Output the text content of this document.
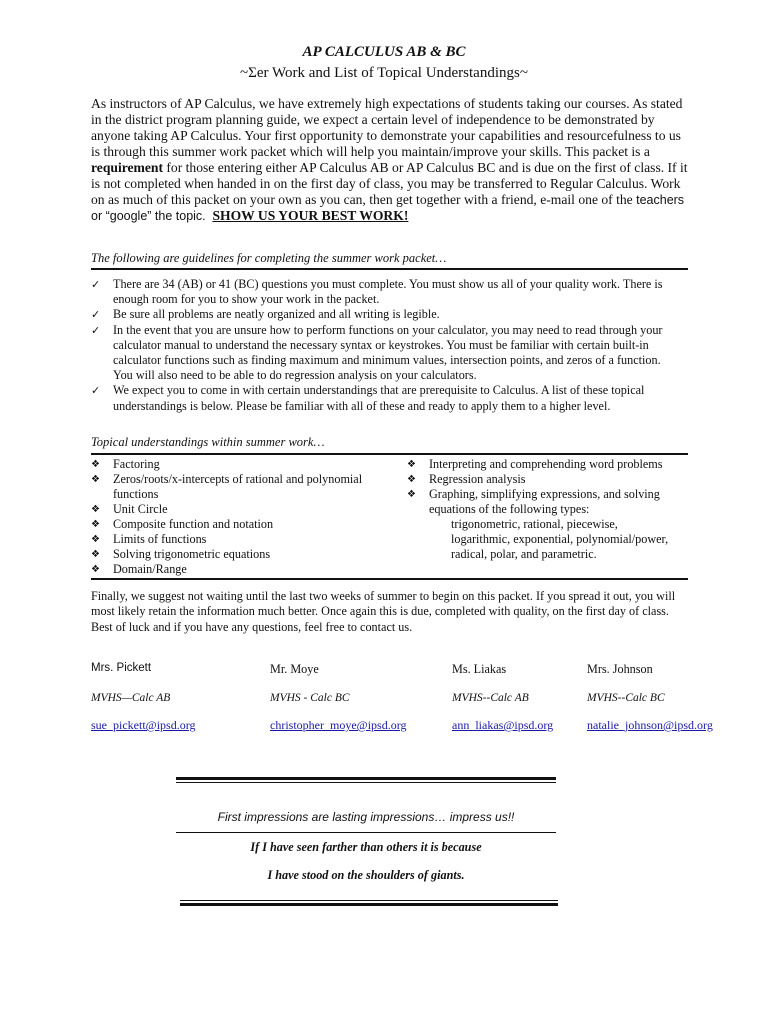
AP CALCULUS AB & BC
~Σer Work and List of Topical Understandings~

As instructors of AP Calculus, we have extremely high expectations of students taking our courses. As stated in the district program planning guide, we expect a certain level of independence to be demonstrated by anyone taking AP Calculus. Your first opportunity to demonstrate your capabilities and resourcefulness to us is through this summer work packet which will help you maintain/improve your skills. This packet is a requirement for those entering either AP Calculus AB or AP Calculus BC and is due on the first of class. If it is not completed when handed in on the first day of class, you may be transferred to Regular Calculus. Work on as much of this packet on your own as you can, then get together with a friend, e-mail one of the teachers or “google” the topic. SHOW US YOUR BEST WORK!

The following are guidelines for completing the summer work packet…
✓ There are 34 (AB) or 41 (BC) questions you must complete. You must show us all of your quality work. There is enough room for you to show your work in the packet.
✓ Be sure all problems are neatly organized and all writing is legible.
✓ In the event that you are unsure how to perform functions on your calculator, you may need to read through your calculator manual to understand the necessary syntax or keystrokes. You must be familiar with certain built-in calculator functions such as finding maximum and minimum values, intersection points, and zeros of a function. You will also need to be able to do regression analysis on your calculators.
✓ We expect you to come in with certain understandings that are prerequisite to Calculus. A list of these topical understandings is below. Please be familiar with all of these and ready to apply them to a higher level.
Topical understandings within summer work…
❖ Factoring
❖ Zeros/roots/x-intercepts of rational and polynomial functions
❖ Unit Circle
❖ Composite function and notation
❖ Limits of functions
❖ Solving trigonometric equations
❖ Domain/Range
❖ Interpreting and comprehending word problems
❖ Regression analysis
❖ Graphing, simplifying expressions, and solving equations of the following types:
trigonometric, rational, piecewise,
logarithmic, exponential, polynomial/power,
radical, polar, and parametric.

Finally, we suggest not waiting until the last two weeks of summer to begin on this packet. If you spread it out, you will most likely retain the information much better. Once again this is due, completed with quality, on the first day of class. Best of luck and if you have any questions, feel free to contact us.

Mrs. Pickett
MVHS—Calc AB
sue_pickett@ipsd.org
Mr. Moye
MVHS - Calc BC
christopher_moye@ipsd.org
Ms. Liakas
MVHS--Calc AB
ann_liakas@ipsd.org
Mrs. Johnson
MVHS--Calc BC
natalie_johnson@ipsd.org
First impressions are lasting impressions… impress us!!
If I have seen farther than others it is because
I have stood on the shoulders of giants.
